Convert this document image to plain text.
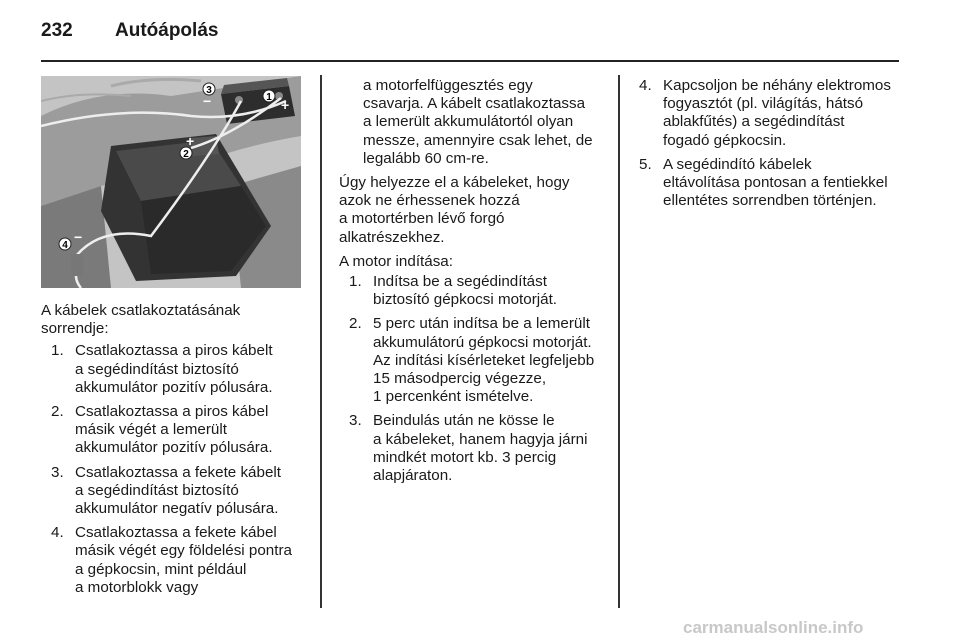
232 Autóápolás
1 +
2
+
3
−
4
−

A kábelek csatlakoztatásának

sorrendje:

1. Csatlakoztassa a piros kábelt

a segédindítást biztosító

akkumulátor pozitív pólusára.

2. Csatlakoztassa a piros kábel

másik végét a lemerült

akkumulátor pozitív pólusára.

3. Csatlakoztassa a fekete kábelt

a segédindítást biztosító

akkumulátor negatív pólusára.

4. Csatlakoztassa a fekete kábel

másik végét egy földelési pontra

a gépkocsin, mint például

a motorblokk vagy

a motorfelfüggesztés egy

csavarja. A kábelt csatlakoztassa

a lemerült akkumulátortól olyan

messze, amennyire csak lehet, de

legalább 60 cm-re.

Úgy helyezze el a kábeleket, hogy

azok ne érhessenek hozzá

a motortérben lévő forgó

alkatrészekhez.

A motor indítása:

1. Indítsa be a segédindítást

biztosító gépkocsi motorját.

2. 5 perc után indítsa be a lemerült

akkumulátorú gépkocsi motorját.

Az indítási kísérleteket legfeljebb

15 másodpercig végezze,

1 percenként ismételve.

3. Beindulás után ne kösse le

a kábeleket, hanem hagyja járni

mindkét motort kb. 3 percig

alapjáraton.

4. Kapcsoljon be néhány elektromos

fogyasztót (pl. világítás, hátsó

ablakfűtés) a segédindítást

fogadó gépkocsin.

5. A segédindító kábelek

eltávolítása pontosan a fentiekkel

ellentétes sorrendben történjen.

carmanualsonline.info
